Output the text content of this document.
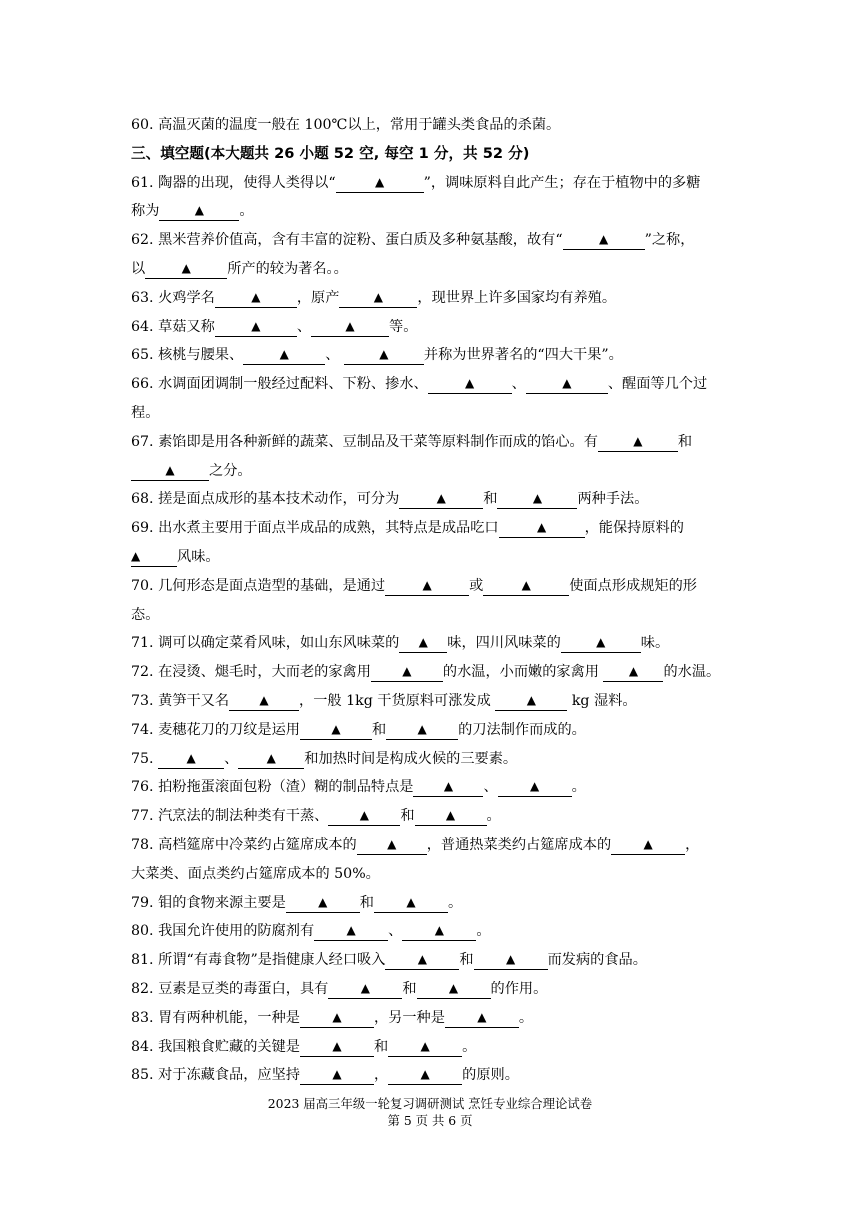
60. 高温灭菌的温度一般在 100℃以上，常用于罐头类食品的杀菌。
三、填空题(本大题共 26 小题 52 空, 每空 1 分，共 52 分)
61. 陶器的出现，使得人类得以“	▲	”，调味原料自此产生；存在于植物中的多糖
称为	▲ 。
62. 黑米营养价值高，含有丰富的淀粉、蛋白质及多种氨基酸，故有“	▲	”之称，
以	▲	所产的较为著名。。
63. 火鸡学名	▲	，原产	▲ ，现世界上许多国家均有养殖。
64. 草菇又称	▲	、	▲ 等。
65. 核桃与腰果、	▲	、	▲ 并称为世界著名的“四大干果”。
66. 水调面团调制一般经过配料、下粉、掺水、	▲	、	▲	、醒面等几个过
程。
67. 素馅即是用各种新鲜的蔬菜、豆制品及干菜等原料制作而成的馅心。有	▲ 和
▲ 之分。
68. 搓是面点成形的基本技术动作，可分为	▲	和	▲ 两种手法。
69. 出水煮主要用于面点半成品的成熟，其特点是成品吃口	▲	，能保持原料的
▲	风味。
70. 几何形态是面点造型的基础，是通过	▲	或	▲	使面点形成规矩的形
态。
71. 调可以确定菜肴风味，如山东风味菜的 ▲ 味，四川风味菜的	▲ 味。
72. 在浸烫、煺毛时，大而老的家禽用	▲ 的水温，小而嫩的家禽用 ▲ 的水温。
73. 黄笋干又名	▲ ，一般 1kg 干货原料可涨发成	▲ kg 湿料。
74. 麦穗花刀的刀纹是运用	▲ 和	▲ 的刀法制作而成的。
75. ▲ 、 ▲ 和加热时间是构成火候的三要素。
76. 拍粉拖蛋滚面包粉（渣）糊的制品特点是	▲ 、	▲ 。
77. 汽烹法的制法种类有干蒸、	▲ 和	▲ 。
78. 高档筵席中冷菜约占筵席成本的	▲ ，普通热菜类约占筵席成本的	▲ ，
大菜类、面点类约占筵席成本的 50%。
79. 钼的食物来源主要是	▲ 和	▲ 。
80. 我国允许使用的防腐剂有	▲ 、	▲ 。
81. 所谓“有毒食物”是指健康人经口吸入	▲ 和	▲ 而发病的食品。
82. 豆素是豆类的毒蛋白，具有	▲ 和	▲ 的作用。
83. 胃有两种机能，一种是	▲ ，另一种是	▲ 。
84. 我国粮食贮藏的关键是	▲ 和	▲ 。
85. 对于冻藏食品，应坚持	▲ ，	▲ 的原则。
2023 届高三年级一轮复习调研测试 烹饪专业综合理论试卷
第 5 页 共 6 页
